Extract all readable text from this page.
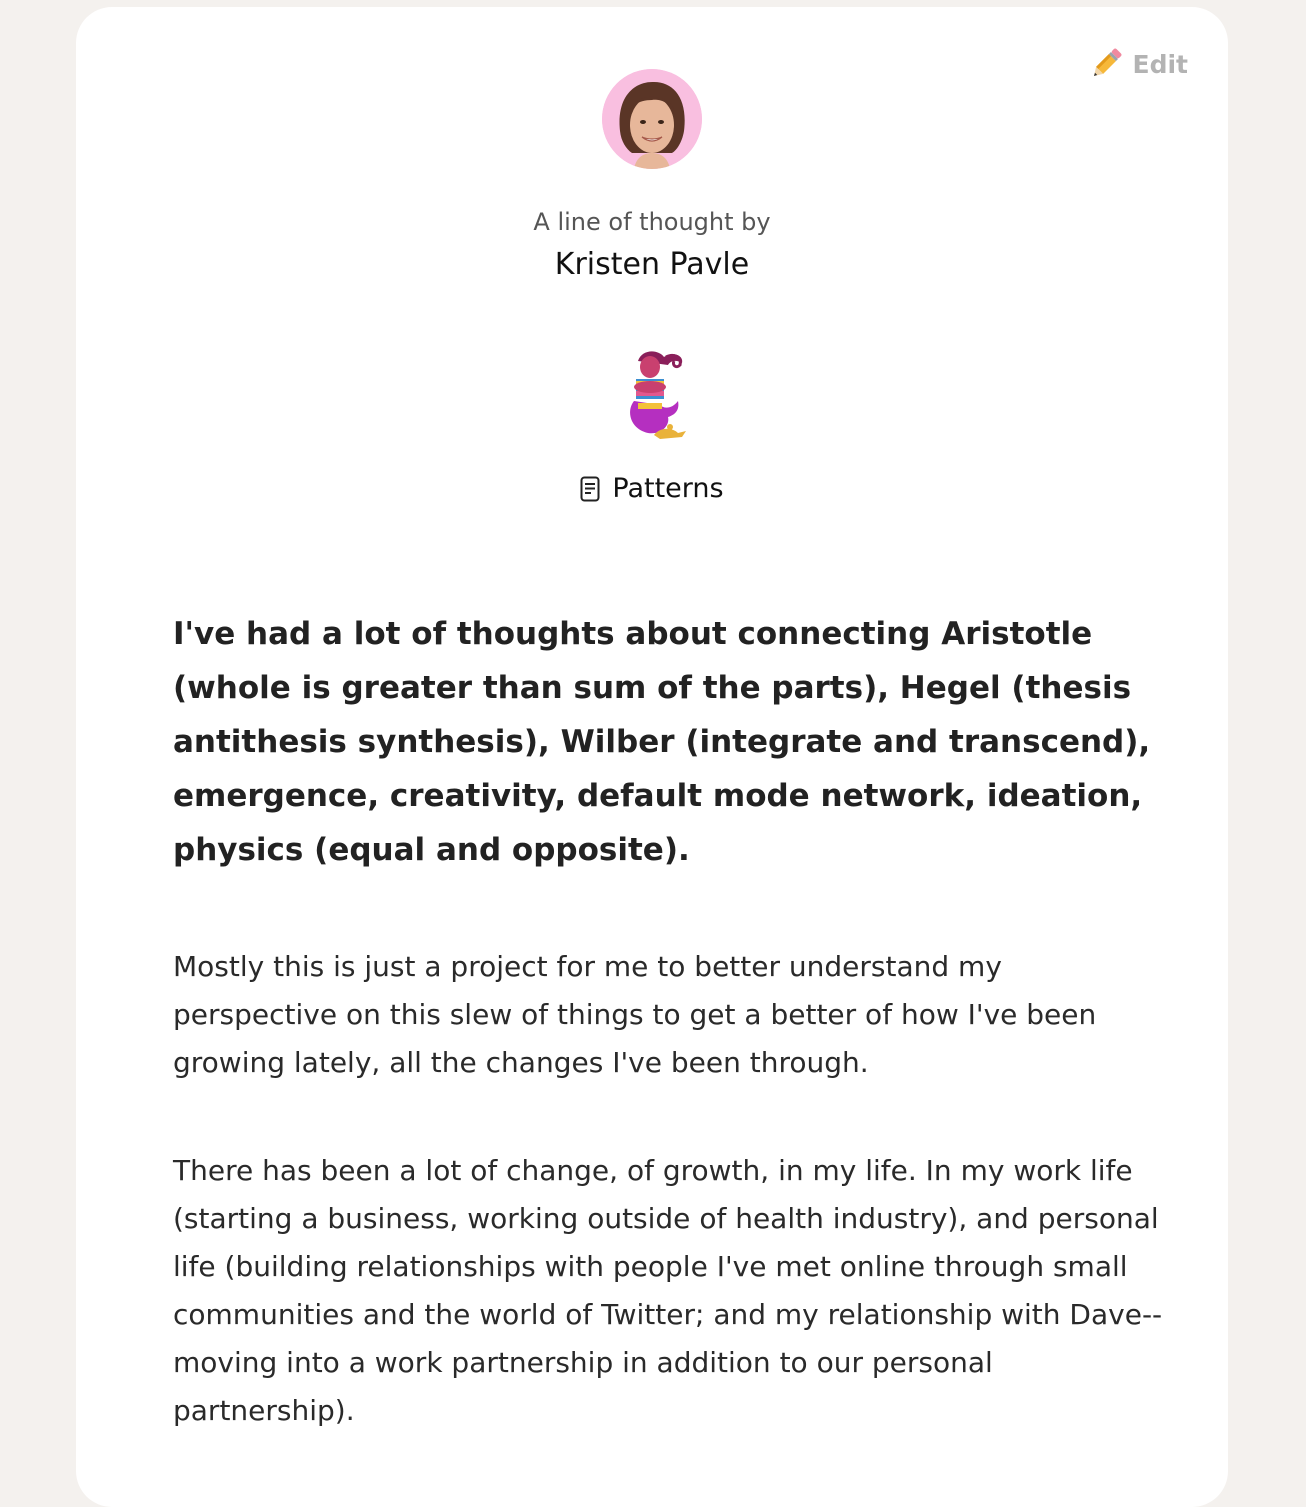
Edit
A line of thought by
Kristen Pavle
Patterns

I've had a lot of thoughts about connecting Aristotle (whole is greater than sum of the parts), Hegel (thesis antithesis synthesis), Wilber (integrate and transcend), emergence, creativity, default mode network, ideation, physics (equal and opposite).

Mostly this is just a project for me to better understand my perspective on this slew of things to get a better of how I've been growing lately, all the changes I've been through.

There has been a lot of change, of growth, in my life. In my work life (starting a business, working outside of health industry), and personal life (building relationships with people I've met online through small communities and the world of Twitter; and my relationship with Dave--moving into a work partnership in addition to our personal partnership).
